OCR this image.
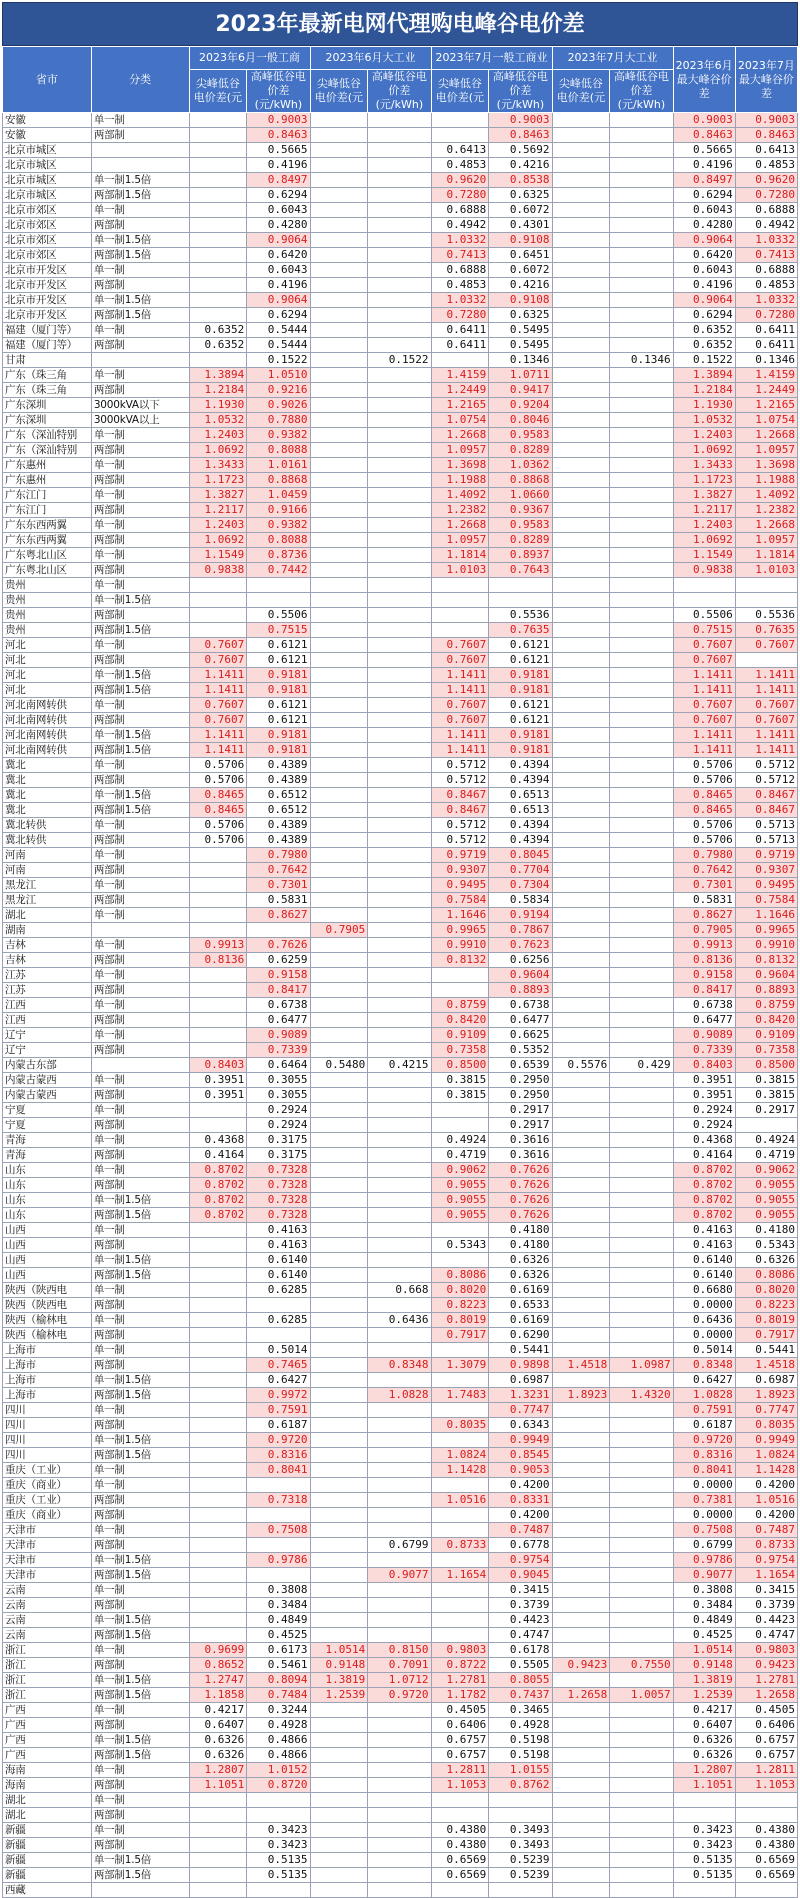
2023年最新电网代理购电峰谷电价差
省市	分类	2023年6月一般工商		2023年6月大工业		2023年7月一般工商业		2023年7月大工业		2023年6月最大峰谷价差	2023年7月最大峰谷价差
		尖峰低谷电价差(元	高峰低谷电价差(元/kWh)	尖峰低谷电价差(元	高峰低谷电价差(元/kWh)	尖峰低谷电价差(元	高峰低谷电价差(元/kWh)	尖峰低谷电价差(元	高峰低谷电价差(元/kWh)		
安徽	单一制		0.9003				0.9003			0.9003	0.9003
安徽	两部制		0.8463				0.8463			0.8463	0.8463
北京市城区			0.5665			0.6413	0.5692			0.5665	0.6413
北京市城区			0.4196			0.4853	0.4216			0.4196	0.4853
北京市城区	单一制1.5倍		0.8497			0.9620	0.8538			0.8497	0.9620
北京市城区	两部制1.5倍		0.6294			0.7280	0.6325			0.6294	0.7280
北京市郊区	单一制		0.6043			0.6888	0.6072			0.6043	0.6888
北京市郊区	两部制		0.4280			0.4942	0.4301			0.4280	0.4942
北京市郊区	单一制1.5倍		0.9064			1.0332	0.9108			0.9064	1.0332
北京市郊区	两部制1.5倍		0.6420			0.7413	0.6451			0.6420	0.7413
北京市开发区	单一制		0.6043			0.6888	0.6072			0.6043	0.6888
北京市开发区	两部制		0.4196			0.4853	0.4216			0.4196	0.4853
北京市开发区	单一制1.5倍		0.9064			1.0332	0.9108			0.9064	1.0332
北京市开发区	两部制1.5倍		0.6294			0.7280	0.6325			0.6294	0.7280
福建（厦门等）	单一制	0.6352	0.5444			0.6411	0.5495			0.6352	0.6411
福建（厦门等）	两部制	0.6352	0.5444			0.6411	0.5495			0.6352	0.6411
甘肃			0.1522		0.1522		0.1346		0.1346	0.1522	0.1346
广东（珠三角	单一制	1.3894	1.0510			1.4159	1.0711			1.3894	1.4159
广东（珠三角	两部制	1.2184	0.9216			1.2449	0.9417			1.2184	1.2449
广东深圳	3000kVA以下	1.1930	0.9026			1.2165	0.9204			1.1930	1.2165
广东深圳	3000kVA以上	1.0532	0.7880			1.0754	0.8046			1.0532	1.0754
广东（深汕特别	单一制	1.2403	0.9382			1.2668	0.9583			1.2403	1.2668
广东（深汕特别	两部制	1.0692	0.8088			1.0957	0.8289			1.0692	1.0957
广东惠州	单一制	1.3433	1.0161			1.3698	1.0362			1.3433	1.3698
广东惠州	两部制	1.1723	0.8868			1.1988	0.8868			1.1723	1.1988
广东江门	单一制	1.3827	1.0459			1.4092	1.0660			1.3827	1.4092
广东江门	两部制	1.2117	0.9166			1.2382	0.9367			1.2117	1.2382
广东东西两翼	单一制	1.2403	0.9382			1.2668	0.9583			1.2403	1.2668
广东东西两翼	两部制	1.0692	0.8088			1.0957	0.8289			1.0692	1.0957
广东粤北山区	单一制	1.1549	0.8736			1.1814	0.8937			1.1549	1.1814
广东粤北山区	两部制	0.9838	0.7442			1.0103	0.7643			0.9838	1.0103
贵州	单一制										
贵州	单一制1.5倍										
贵州	两部制		0.5506				0.5536			0.5506	0.5536
贵州	两部制1.5倍		0.7515				0.7635			0.7515	0.7635
河北	单一制	0.7607	0.6121			0.7607	0.6121			0.7607	0.7607
河北	两部制	0.7607	0.6121			0.7607	0.6121			0.7607	
河北	单一制1.5倍	1.1411	0.9181			1.1411	0.9181			1.1411	1.1411
河北	两部制1.5倍	1.1411	0.9181			1.1411	0.9181			1.1411	1.1411
河北南网转供	单一制	0.7607	0.6121			0.7607	0.6121			0.7607	0.7607
河北南网转供	两部制	0.7607	0.6121			0.7607	0.6121			0.7607	0.7607
河北南网转供	单一制1.5倍	1.1411	0.9181			1.1411	0.9181			1.1411	1.1411
河北南网转供	两部制1.5倍	1.1411	0.9181			1.1411	0.9181			1.1411	1.1411
冀北	单一制	0.5706	0.4389			0.5712	0.4394			0.5706	0.5712
冀北	两部制	0.5706	0.4389			0.5712	0.4394			0.5706	0.5712
冀北	单一制1.5倍	0.8465	0.6512			0.8467	0.6513			0.8465	0.8467
冀北	两部制1.5倍	0.8465	0.6512			0.8467	0.6513			0.8465	0.8467
冀北转供	单一制	0.5706	0.4389			0.5712	0.4394			0.5706	0.5713
冀北转供	两部制	0.5706	0.4389			0.5712	0.4394			0.5706	0.5713
河南	单一制		0.7980			0.9719	0.8045			0.7980	0.9719
河南	两部制		0.7642			0.9307	0.7704			0.7642	0.9307
黑龙江	单一制		0.7301			0.9495	0.7304			0.7301	0.9495
黑龙江	两部制		0.5831			0.7584	0.5834			0.5831	0.7584
湖北	单一制		0.8627			1.1646	0.9194			0.8627	1.1646
湖南				0.7905		0.9965	0.7867			0.7905	0.9965
吉林	单一制	0.9913	0.7626			0.9910	0.7623			0.9913	0.9910
吉林	两部制	0.8136	0.6259			0.8132	0.6256			0.8136	0.8132
江苏	单一制		0.9158				0.9604			0.9158	0.9604
江苏	两部制		0.8417				0.8893			0.8417	0.8893
江西	单一制		0.6738			0.8759	0.6738			0.6738	0.8759
江西	两部制		0.6477			0.8420	0.6477			0.6477	0.8420
辽宁	单一制		0.9089			0.9109	0.6625			0.9089	0.9109
辽宁	两部制		0.7339			0.7358	0.5352			0.7339	0.7358
内蒙古东部		0.8403	0.6464	0.5480	0.4215	0.8500	0.6539	0.5576	0.429	0.8403	0.8500
内蒙古蒙西	单一制	0.3951	0.3055			0.3815	0.2950			0.3951	0.3815
内蒙古蒙西	两部制	0.3951	0.3055			0.3815	0.2950			0.3951	0.3815
宁夏	单一制		0.2924				0.2917			0.2924	0.2917
宁夏	两部制		0.2924				0.2917			0.2924	
青海	单一制	0.4368	0.3175			0.4924	0.3616			0.4368	0.4924
青海	两部制	0.4164	0.3175			0.4719	0.3616			0.4164	0.4719
山东	单一制	0.8702	0.7328			0.9062	0.7626			0.8702	0.9062
山东	两部制	0.8702	0.7328			0.9055	0.7626			0.8702	0.9055
山东	单一制1.5倍	0.8702	0.7328			0.9055	0.7626			0.8702	0.9055
山东	两部制1.5倍	0.8702	0.7328			0.9055	0.7626			0.8702	0.9055
山西	单一制		0.4163				0.4180			0.4163	0.4180
山西	两部制		0.4163			0.5343	0.4180			0.4163	0.5343
山西	单一制1.5倍		0.6140				0.6326			0.6140	0.6326
山西	两部制1.5倍		0.6140			0.8086	0.6326			0.6140	0.8086
陕西（陕西电	单一制		0.6285		0.668	0.8020	0.6169			0.6680	0.8020
陕西（陕西电	两部制					0.8223	0.6533			0.0000	0.8223
陕西（榆林电	单一制		0.6285		0.6436	0.8019	0.6169			0.6436	0.8019
陕西（榆林电	两部制					0.7917	0.6290			0.0000	0.7917
上海市	单一制		0.5014				0.5441			0.5014	0.5441
上海市	两部制		0.7465		0.8348	1.3079	0.9898	1.4518	1.0987	0.8348	1.4518
上海市	单一制1.5倍		0.6427				0.6987			0.6427	0.6987
上海市	两部制1.5倍		0.9972		1.0828	1.7483	1.3231	1.8923	1.4320	1.0828	1.8923
四川	单一制		0.7591				0.7747			0.7591	0.7747
四川	两部制		0.6187			0.8035	0.6343			0.6187	0.8035
四川	单一制1.5倍		0.9720				0.9949			0.9720	0.9949
四川	两部制1.5倍		0.8316			1.0824	0.8545			0.8316	1.0824
重庆（工业）	单一制		0.8041			1.1428	0.9053			0.8041	1.1428
重庆（商业）	单一制						0.4200			0.0000	0.4200
重庆（工业）	两部制		0.7318			1.0516	0.8331			0.7381	1.0516
重庆（商业）	两部制						0.4200			0.0000	0.4200
天津市	单一制		0.7508				0.7487			0.7508	0.7487
天津市	两部制				0.6799	0.8733	0.6778			0.6799	0.8733
天津市	单一制1.5倍		0.9786				0.9754			0.9786	0.9754
天津市	两部制1.5倍				0.9077	1.1654	0.9045			0.9077	1.1654
云南	单一制		0.3808				0.3415			0.3808	0.3415
云南	两部制		0.3484				0.3739			0.3484	0.3739
云南	单一制1.5倍		0.4849				0.4423			0.4849	0.4423
云南	两部制1.5倍		0.4525				0.4747			0.4525	0.4747
浙江	单一制	0.9699	0.6173	1.0514	0.8150	0.9803	0.6178			1.0514	0.9803
浙江	两部制	0.8652	0.5461	0.9148	0.7091	0.8722	0.5505	0.9423	0.7550	0.9148	0.9423
浙江	单一制1.5倍	1.2747	0.8094	1.3819	1.0712	1.2781	0.8055			1.3819	1.2781
浙江	两部制1.5倍	1.1858	0.7484	1.2539	0.9720	1.1782	0.7437	1.2658	1.0057	1.2539	1.2658
广西	单一制	0.4217	0.3244			0.4505	0.3465			0.4217	0.4505
广西	两部制	0.6407	0.4928			0.6406	0.4928			0.6407	0.6406
广西	单一制1.5倍	0.6326	0.4866			0.6757	0.5198			0.6326	0.6757
广西	两部制1.5倍	0.6326	0.4866			0.6757	0.5198			0.6326	0.6757
海南	单一制	1.2807	1.0152			1.2811	1.0155			1.2807	1.2811
海南	两部制	1.1051	0.8720			1.1053	0.8762			1.1051	1.1053
湖北	单一制										
湖北	两部制										
新疆	单一制		0.3423			0.4380	0.3493			0.3423	0.4380
新疆	两部制		0.3423			0.4380	0.3493			0.3423	0.4380
新疆	单一制1.5倍		0.5135			0.6569	0.5239			0.5135	0.6569
新疆	两部制1.5倍		0.5135			0.6569	0.5239			0.5135	0.6569
西藏											
